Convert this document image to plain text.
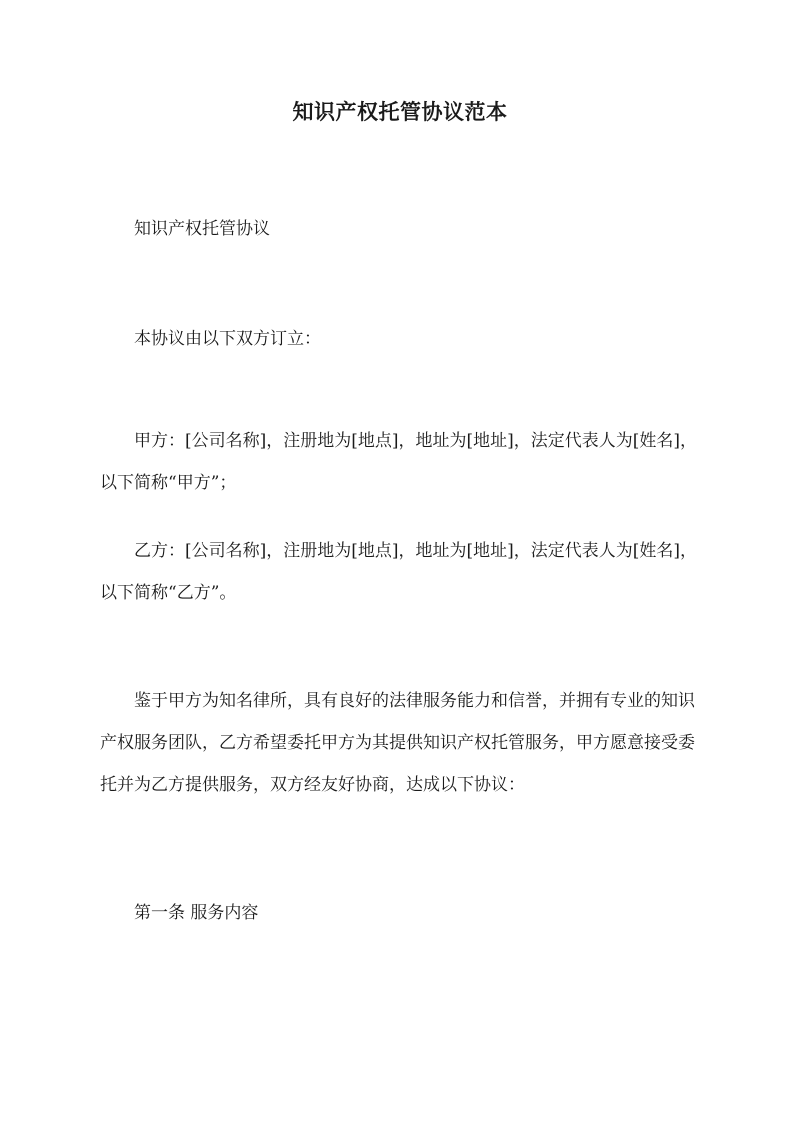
知识产权托管协议范本

知识产权托管协议

本协议由以下双方订立：

甲方：[公司名称]，注册地为[地点]，地址为[地址]，法定代表人为[姓名]，以下简称“甲方”；

乙方：[公司名称]，注册地为[地点]，地址为[地址]，法定代表人为[姓名]，以下简称“乙方”。

鉴于甲方为知名律所，具有良好的法律服务能力和信誉，并拥有专业的知识产权服务团队，乙方希望委托甲方为其提供知识产权托管服务，甲方愿意接受委托并为乙方提供服务，双方经友好协商，达成以下协议：

第一条 服务内容
